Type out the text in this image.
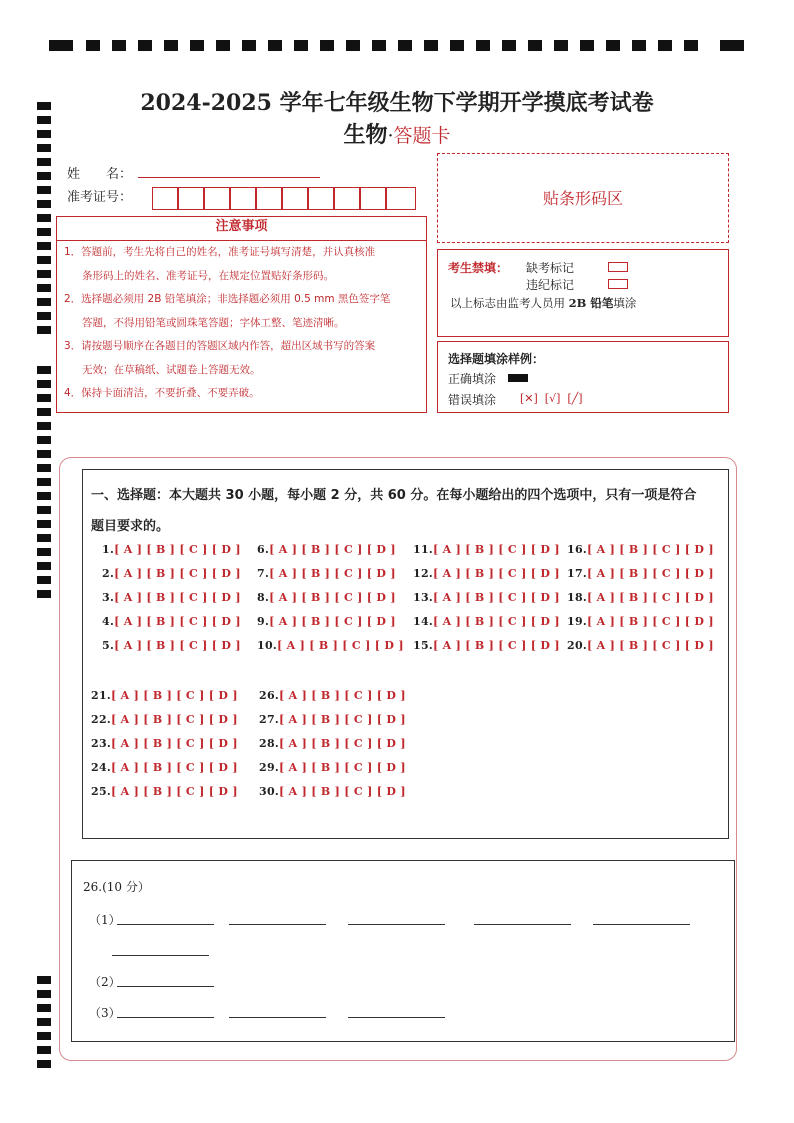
2024-2025 学年七年级生物下学期开学摸底考试卷
生物·答题卡
姓　　名：
准考证号：	贴条形码区
注意事项

1．答题前，考生先将自己的姓名，准考证号填写清楚，并认真核准

条形码上的姓名、准考证号，在规定位置贴好条形码。

2．选择题必须用 2B 铅笔填涂；非选择题必须用 0.5 mm 黑色签字笔

答题，不得用铅笔或圆珠笔答题；字体工整、笔迹清晰。

3．请按题号顺序在各题目的答题区域内作答，超出区域书写的答案

无效；在草稿纸、试题卷上答题无效。

4．保持卡面清洁，不要折叠、不要弄破。

考生禁填： 缺考标记
违纪标记
以上标志由监考人员用 2B 铅笔填涂
选择题填涂样例：
正确填涂
错误填涂 [✕]  [√]  [╱]
一、选择题：本大题共 30 小题，每小题 2 分，共 60 分。在每小题给出的四个选项中，只有一项是符合
题目要求的。
1.[ A ] [ B ] [ C ] [ D ]
2.[ A ] [ B ] [ C ] [ D ]
3.[ A ] [ B ] [ C ] [ D ]
4.[ A ] [ B ] [ C ] [ D ]
5.[ A ] [ B ] [ C ] [ D ]
6.[ A ] [ B ] [ C ] [ D ]
7.[ A ] [ B ] [ C ] [ D ]
8.[ A ] [ B ] [ C ] [ D ]
9.[ A ] [ B ] [ C ] [ D ]
10.[ A ] [ B ] [ C ] [ D ]
11.[ A ] [ B ] [ C ] [ D ]
12.[ A ] [ B ] [ C ] [ D ]
13.[ A ] [ B ] [ C ] [ D ]
14.[ A ] [ B ] [ C ] [ D ]
15.[ A ] [ B ] [ C ] [ D ]
16.[ A ] [ B ] [ C ] [ D ]
17.[ A ] [ B ] [ C ] [ D ]
18.[ A ] [ B ] [ C ] [ D ]
19.[ A ] [ B ] [ C ] [ D ]
20.[ A ] [ B ] [ C ] [ D ]
21.[ A ] [ B ] [ C ] [ D ]
22.[ A ] [ B ] [ C ] [ D ]
23.[ A ] [ B ] [ C ] [ D ]
24.[ A ] [ B ] [ C ] [ D ]
25.[ A ] [ B ] [ C ] [ D ]
26.[ A ] [ B ] [ C ] [ D ]
27.[ A ] [ B ] [ C ] [ D ]
28.[ A ] [ B ] [ C ] [ D ]
29.[ A ] [ B ] [ C ] [ D ]
30.[ A ] [ B ] [ C ] [ D ]
26.(10 分）
（1）
（2）
（3）
